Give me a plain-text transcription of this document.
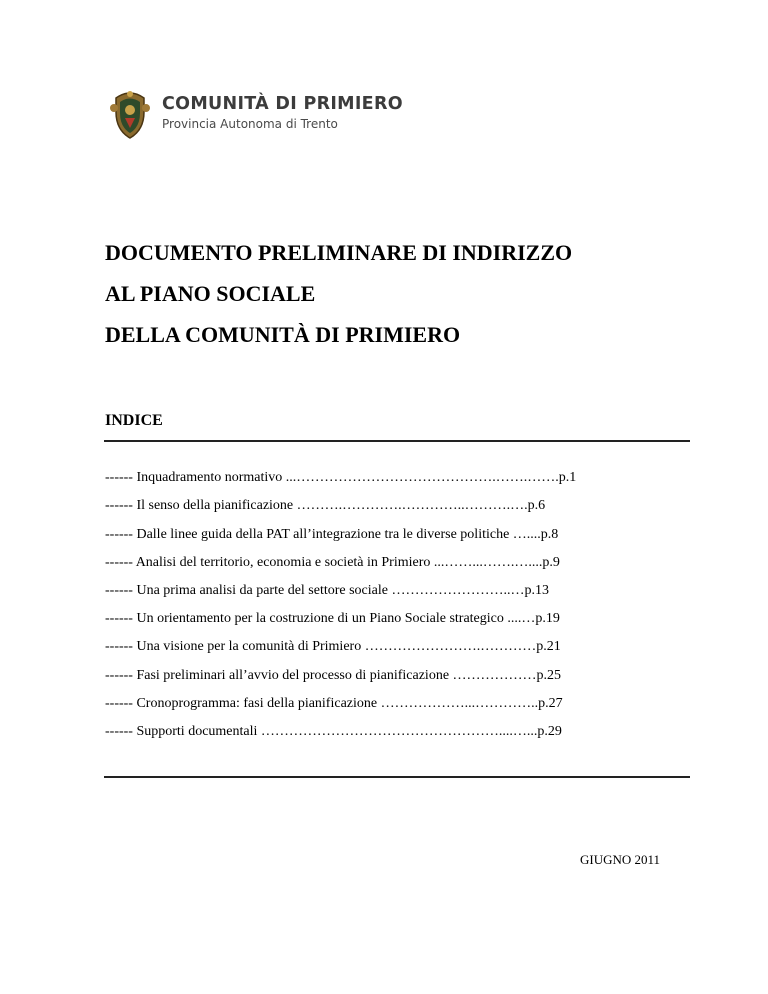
COMUNITÀ DI PRIMIERO
Provincia Autonoma di Trento
DOCUMENTO PRELIMINARE DI INDIRIZZO
AL PIANO SOCIALE
DELLA COMUNITÀ DI PRIMIERO
INDICE
------ Inquadramento normativo ...…………………………………….…….…….p.1
------ Il senso della pianificazione ……….………….…………..……….….p.6
------ Dalle linee guida della PAT all’integrazione tra le diverse politiche …....p.8
------ Analisi del territorio, economia e società in Primiero ...……...…….…....p.9
------ Una prima analisi da parte del settore sociale ……………………..…p.13
------ Un orientamento per la costruzione di un Piano Sociale strategico ....…p.19
------ Una visione per la comunità di Primiero …………………….…………p.21
------ Fasi preliminari all’avvio del processo di pianificazione ………………p.25
------ Cronoprogramma: fasi della pianificazione ………………...…………..p.27
------ Supporti documentali ……………………………………………....…...p.29
GIUGNO 2011
